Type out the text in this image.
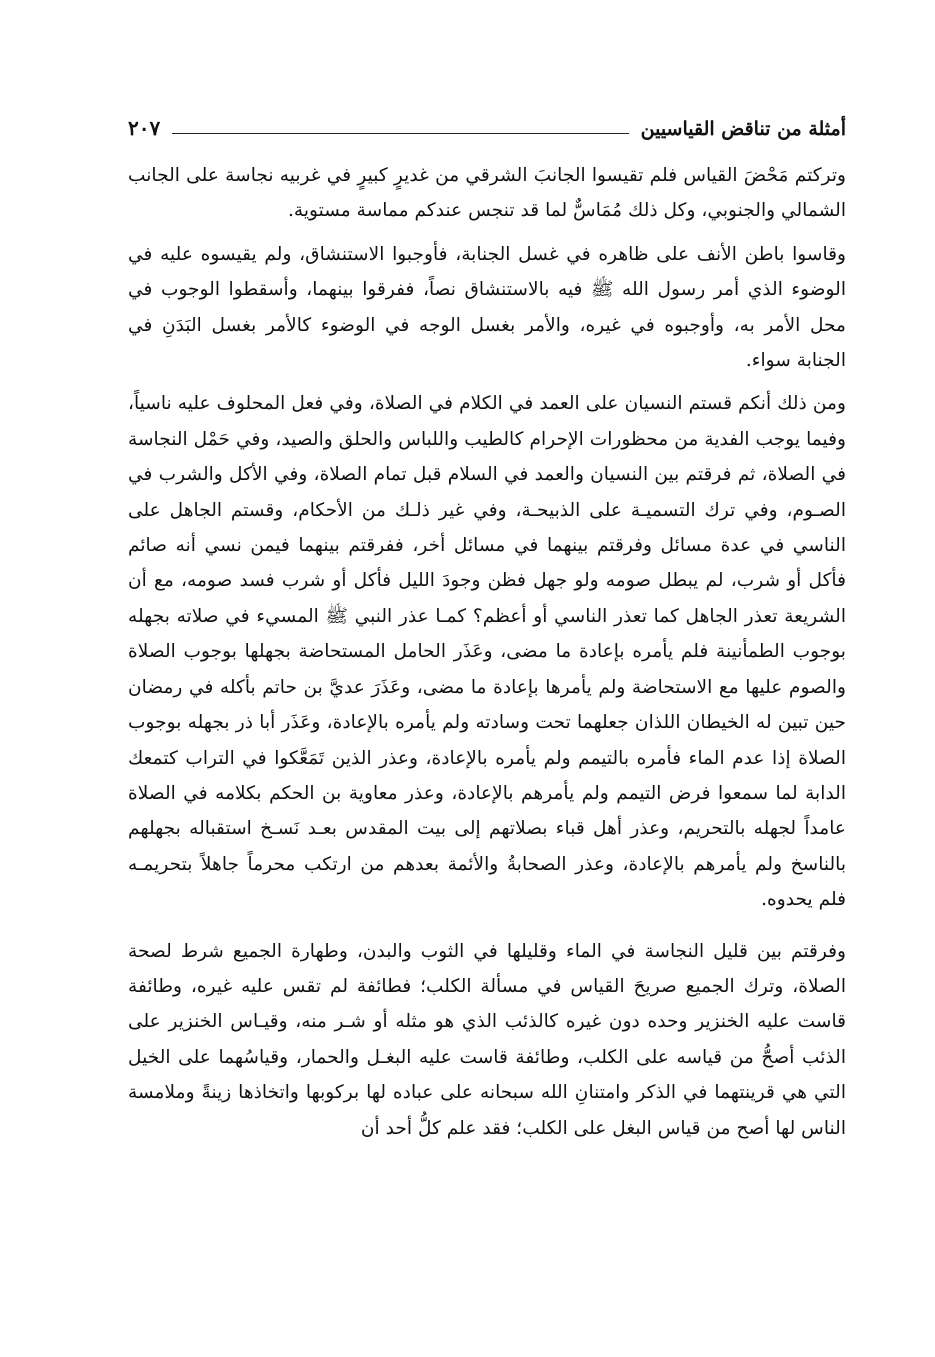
أمثلة من تناقض القياسيين
٢٠٧

وتركتم مَحْضَ القياس فلم تقيسوا الجانبَ الشرقي من غديرٍ كبيرٍ في غربيه نجاسة على الجانب الشمالي والجنوبي، وكل ذلك مُمَاسٌّ لما قد تنجس عندكم مماسة مستوية.

وقاسوا باطن الأنف على ظاهره في غسل الجنابة، فأوجبوا الاستنشاق، ولم يقيسوه عليه في الوضوء الذي أمر رسول الله ﷺ فيه بالاستنشاق نصاً، ففرقوا بينهما، وأسقطوا الوجوب في محل الأمر به، وأوجبوه في غيره، والأمر بغسل الوجه في الوضوء كالأمر بغسل البَدَنِ في الجنابة سواء.

ومن ذلك أنكم قستم النسيان على العمد في الكلام في الصلاة، وفي فعل المحلوف عليه ناسياً، وفيما يوجب الفدية من محظورات الإحرام كالطيب واللباس والحلق والصيد، وفي حَمْل النجاسة في الصلاة، ثم فرقتم بين النسيان والعمد في السلام قبل تمام الصلاة، وفي الأكل والشرب في الصـوم، وفي ترك التسميـة على الذبيحـة، وفي غير ذلـك من الأحكام، وقستم الجاهل على الناسي في عدة مسائل وفرقتم بينهما في مسائل أخر، ففرقتم بينهما فيمن نسي أنه صائم فأكل أو شرب، لم يبطل صومه ولو جهل فظن وجودَ الليل فأكل أو شرب فسد صومه، مع أن الشريعة تعذر الجاهل كما تعذر الناسي أو أعظم؟ كمـا عذر النبي ﷺ المسيء في صلاته بجهله بوجوب الطمأنينة فلم يأمره بإعادة ما مضى، وعَذَر الحامل المستحاضة بجهلها بوجوب الصلاة والصوم عليها مع الاستحاضة ولم يأمرها بإعادة ما مضى، وعَذَرَ عديَّ بن حاتم بأكله في رمضان حين تبين له الخيطان اللذان جعلهما تحت وسادته ولم يأمره بالإعادة، وعَذَر أبا ذر بجهله بوجوب الصلاة إذا عدم الماء فأمره بالتيمم ولم يأمره بالإعادة، وعذر الذين تَمَعَّكوا في التراب كتمعك الدابة لما سمعوا فرض التيمم ولم يأمرهم بالإعادة، وعذر معاوية بن الحكم بكلامه في الصلاة عامداً لجهله بالتحريم، وعذر أهل قباء بصلاتهم إلى بيت المقدس بعـد نَسـخ استقباله بجهلهم بالناسخ ولم يأمرهم بالإعادة، وعذر الصحابةُ والأئمة بعدهم من ارتكب محرماً جاهلاً بتحريمـه فلم يحدوه.

وفرقتم بين قليل النجاسة في الماء وقليلها في الثوب والبدن، وطهارة الجميع شرط لصحة الصلاة، وترك الجميع صريحَ القياس في مسألة الكلب؛ فطائفة لم تقس عليه غيره، وطائفة قاست عليه الخنزير وحده دون غيره كالذئب الذي هو مثله أو شـر منه، وقيـاس الخنزير على الذئب أصحُّ من قياسه على الكلب، وطائفة قاست عليه البغـل والحمار، وقياسُهما على الخيل التي هي قرينتهما في الذكر وامتنانِ الله سبحانه على عباده لها بركوبها واتخاذها زينةً وملامسة الناس لها أصح من قياس البغل على الكلب؛ فقد علم كلُّ أحد أن
